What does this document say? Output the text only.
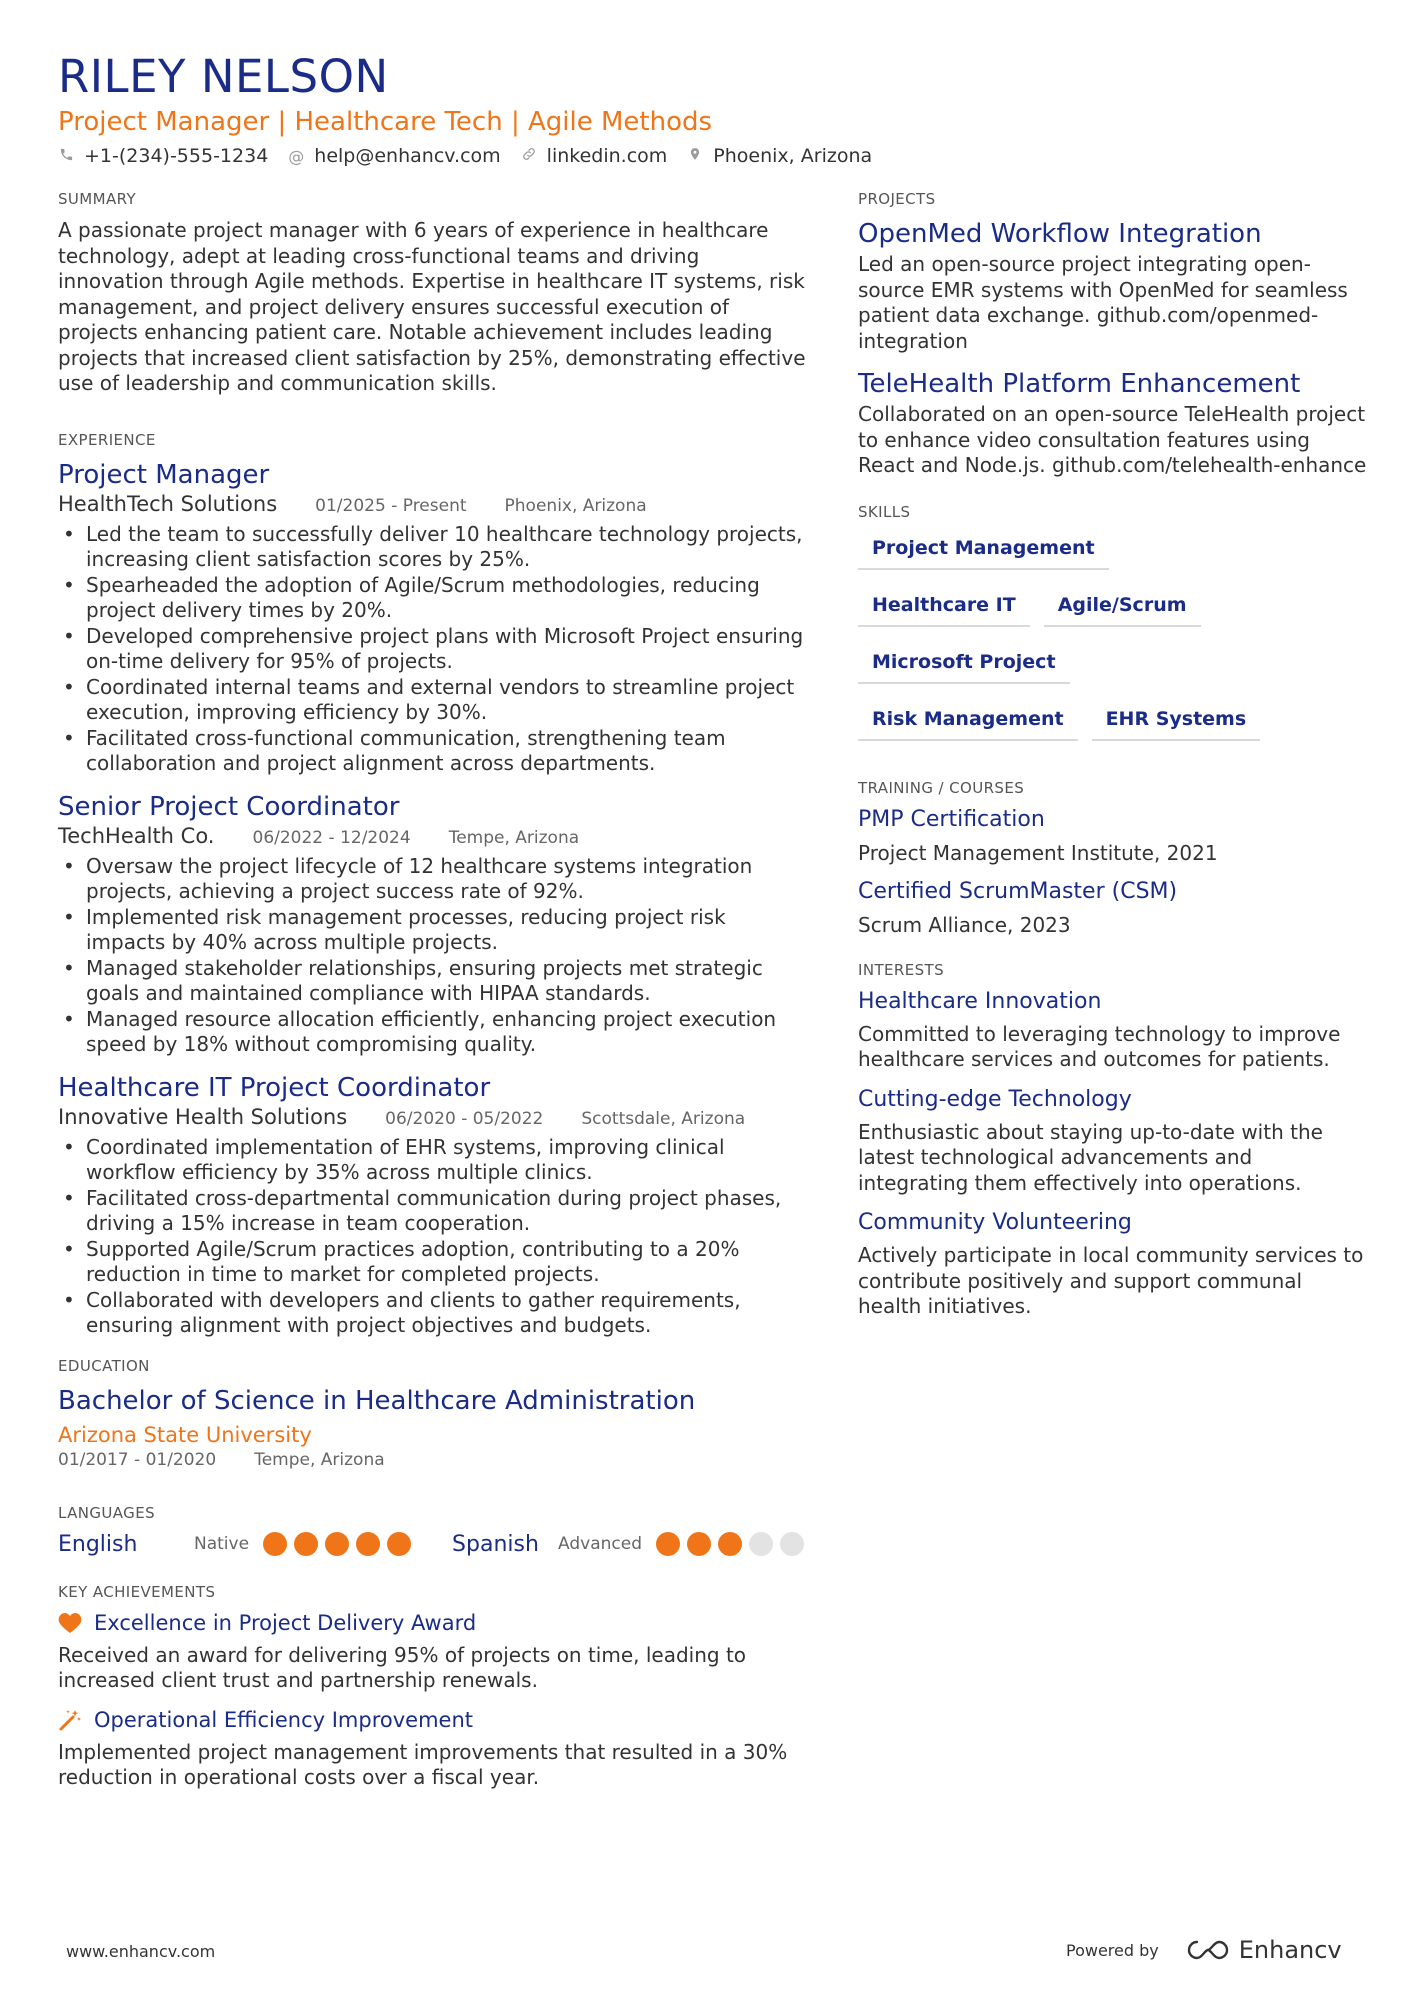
RILEY NELSON
Project Manager | Healthcare Tech | Agile Methods
+1-(234)-555-1234 @ help@enhancv.com linkedin.com Phoenix, Arizona
SUMMARY
A passionate project manager with 6 years of experience in healthcare technology, adept at leading cross-functional teams and driving innovation through Agile methods. Expertise in healthcare IT systems, risk management, and project delivery ensures successful execution of projects enhancing patient care. Notable achievement includes leading projects that increased client satisfaction by 25%, demonstrating effective use of leadership and communication skills.
EXPERIENCE
Project Manager
HealthTech Solutions 01/2025 - Present Phoenix, Arizona
• Led the team to successfully deliver 10 healthcare technology projects, increasing client satisfaction scores by 25%.
• Spearheaded the adoption of Agile/Scrum methodologies, reducing project delivery times by 20%.
• Developed comprehensive project plans with Microsoft Project ensuring on-time delivery for 95% of projects.
• Coordinated internal teams and external vendors to streamline project execution, improving efficiency by 30%.
• Facilitated cross-functional communication, strengthening team collaboration and project alignment across departments.
Senior Project Coordinator
TechHealth Co. 06/2022 - 12/2024 Tempe, Arizona
• Oversaw the project lifecycle of 12 healthcare systems integration projects, achieving a project success rate of 92%.
• Implemented risk management processes, reducing project risk impacts by 40% across multiple projects.
• Managed stakeholder relationships, ensuring projects met strategic goals and maintained compliance with HIPAA standards.
• Managed resource allocation efficiently, enhancing project execution speed by 18% without compromising quality.
Healthcare IT Project Coordinator
Innovative Health Solutions 06/2020 - 05/2022 Scottsdale, Arizona
• Coordinated implementation of EHR systems, improving clinical workflow efficiency by 35% across multiple clinics.
• Facilitated cross-departmental communication during project phases, driving a 15% increase in team cooperation.
• Supported Agile/Scrum practices adoption, contributing to a 20% reduction in time to market for completed projects.
• Collaborated with developers and clients to gather requirements, ensuring alignment with project objectives and budgets.
EDUCATION
Bachelor of Science in Healthcare Administration
Arizona State University
01/2017 - 01/2020 Tempe, Arizona
LANGUAGES
English	Native	Spanish	Advanced
KEY ACHIEVEMENTS
Excellence in Project Delivery Award
Received an award for delivering 95% of projects on time, leading to increased client trust and partnership renewals.
Operational Efficiency Improvement
Implemented project management improvements that resulted in a 30% reduction in operational costs over a fiscal year.
PROJECTS
OpenMed Workflow Integration
Led an open-source project integrating open-source EMR systems with OpenMed for seamless patient data exchange. github.com/openmed-integration
TeleHealth Platform Enhancement
Collaborated on an open-source TeleHealth project to enhance video consultation features using React and Node.js. github.com/telehealth-enhance
SKILLS
Project Management
Healthcare IT	Agile/Scrum
Microsoft Project
Risk Management	EHR Systems
TRAINING / COURSES
PMP Certification
Project Management Institute, 2021
Certified ScrumMaster (CSM)
Scrum Alliance, 2023
INTERESTS
Healthcare Innovation
Committed to leveraging technology to improve healthcare services and outcomes for patients.
Cutting-edge Technology
Enthusiastic about staying up-to-date with the latest technological advancements and integrating them effectively into operations.
Community Volunteering
Actively participate in local community services to contribute positively and support communal health initiatives.
www.enhancv.com	Powered by	Enhancv
